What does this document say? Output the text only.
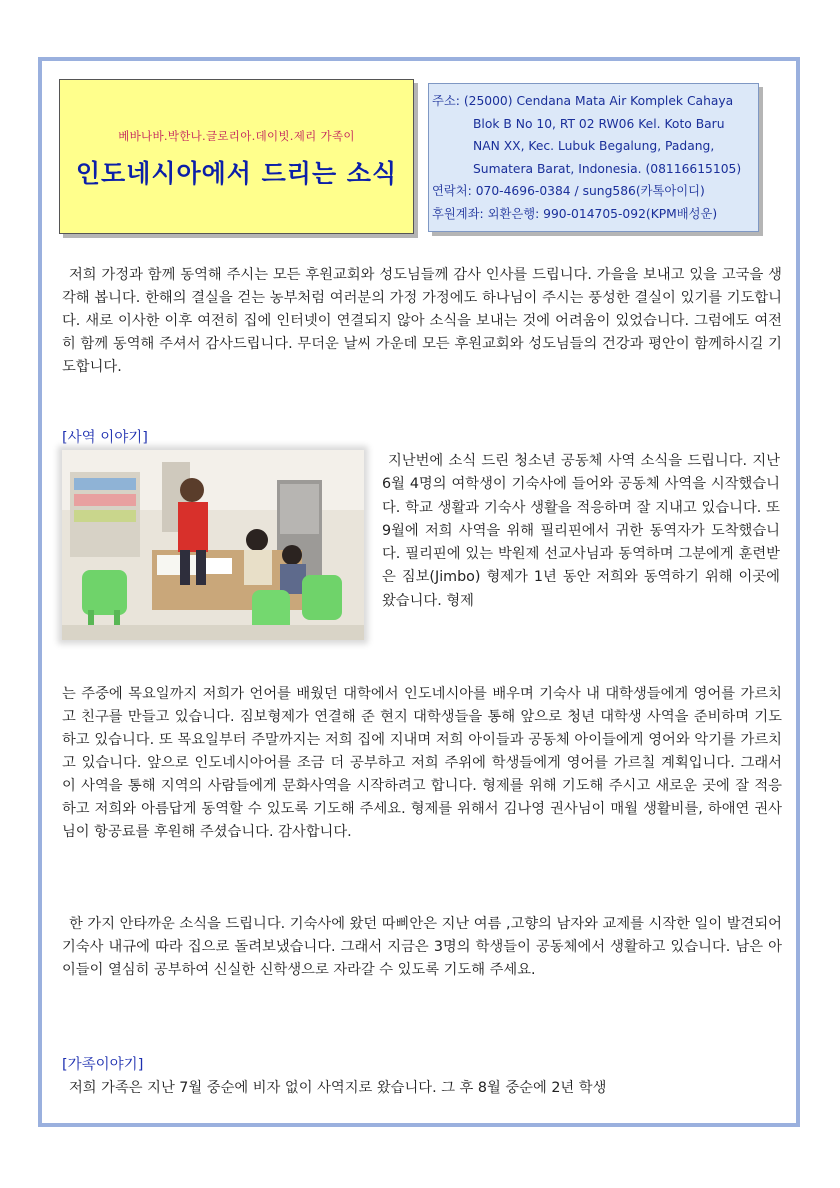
베바나바.박한나.글로리아.데이빗.제리 가족이
인도네시아에서 드리는 소식
주소: (25000) Cendana Mata Air Komplek Cahaya
Blok B No 10, RT 02 RW06 Kel. Koto Baru
NAN XX, Kec. Lubuk Begalung, Padang,
Sumatera Barat, Indonesia. (08116615105)
연락처: 070-4696-0384 / sung586(카톡아이디)
후원계좌: 외환은행: 990-014705-092(KPM배성운)

저희 가정과 함께 동역해 주시는 모든 후원교회와 성도님들께 감사 인사를 드립니다. 가을을 보내고 있을 고국을 생각해 봅니다. 한해의 결실을 걷는 농부처럼 여러분의 가정 가정에도 하나님이 주시는 풍성한 결실이 있기를 기도합니다. 새로 이사한 이후 여전히 집에 인터넷이 연결되지 않아 소식을 보내는 것에 어려움이 있었습니다. 그럼에도 여전히 함께 동역해 주셔서 감사드립니다. 무더운 날씨 가운데 모든 후원교회와 성도님들의 건강과 평안이 함께하시길 기도합니다.

[사역 이야기]

지난번에 소식 드린 청소년 공동체 사역 소식을 드립니다. 지난 6월 4명의 여학생이 기숙사에 들어와 공동체 사역을 시작했습니다. 학교 생활과 기숙사 생활을 적응하며 잘 지내고 있습니다. 또 9월에 저희 사역을 위해 필리핀에서 귀한 동역자가 도착했습니다. 필리핀에 있는 박원제 선교사님과 동역하며 그분에게 훈련받은 짐보(Jimbo) 형제가 1년 동안 저희와 동역하기 위해 이곳에 왔습니다. 형제

는 주중에 목요일까지 저희가 언어를 배웠던 대학에서 인도네시아를 배우며 기숙사 내 대학생들에게 영어를 가르치고 친구를 만들고 있습니다. 짐보형제가 연결해 준 현지 대학생들을 통해 앞으로 청년 대학생 사역을 준비하며 기도하고 있습니다. 또 목요일부터 주말까지는 저희 집에 지내며 저희 아이들과 공동체 아이들에게 영어와 악기를 가르치고 있습니다. 앞으로 인도네시아어를 조금 더 공부하고 저희 주위에 학생들에게 영어를 가르칠 계획입니다. 그래서 이 사역을 통해 지역의 사람들에게 문화사역을 시작하려고 합니다. 형제를 위해 기도해 주시고 새로운 곳에 잘 적응하고 저희와 아름답게 동역할 수 있도록 기도해 주세요. 형제를 위해서 김나영 권사님이 매월 생활비를, 하애연 권사님이 항공료를 후원해 주셨습니다. 감사합니다.

한 가지 안타까운 소식을 드립니다. 기숙사에 왔던 따삐안은 지난 여름 ,고향의 남자와 교제를 시작한 일이 발견되어 기숙사 내규에 따라 집으로 돌려보냈습니다. 그래서 지금은 3명의 학생들이 공동체에서 생활하고 있습니다. 남은 아이들이 열심히 공부하여 신실한 신학생으로 자라갈 수 있도록 기도해 주세요.

[가족이야기]

저희 가족은 지난 7월 중순에 비자 없이 사역지로 왔습니다. 그 후 8월 중순에 2년 학생
